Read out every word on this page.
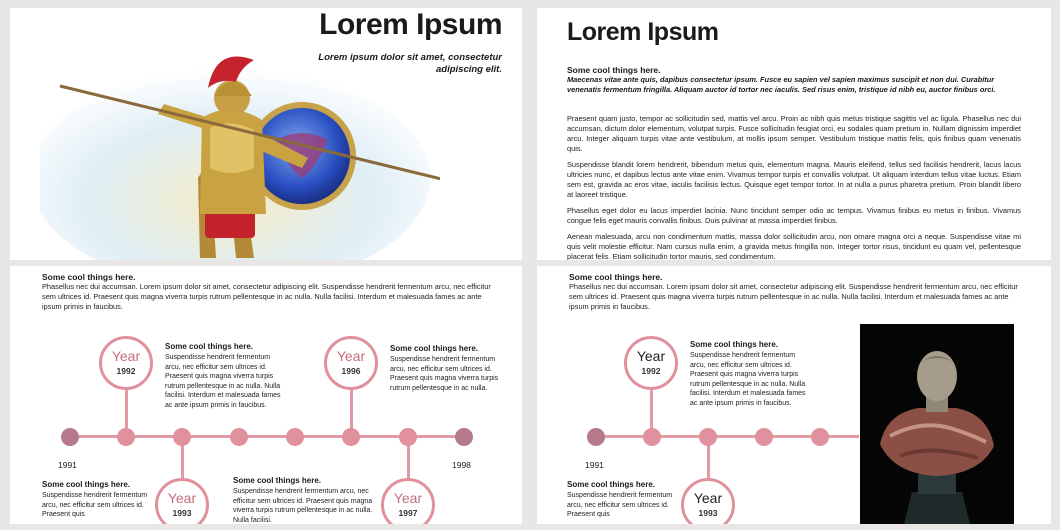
Lorem Ipsum
Lorem ipsum dolor sit amet, consectetur adipiscing elit.
Lorem Ipsum
Some cool things here.
Maecenas vitae ante quis, dapibus consectetur ipsum. Fusce eu sapien vel sapien maximus suscipit et non dui. Curabitur venenatis fermentum fringilla. Aliquam auctor id tortor nec iaculis. Sed risus enim, tristique id nibh eu, auctor finibus orci.
Praesent quam justo, tempor ac sollicitudin sed, mattis vel arcu. Proin ac nibh quis metus tristique sagittis vel ac ligula. Phasellus nec dui accumsan, dictum dolor elementum, volutpat turpis. Fusce sollicitudin feugiat orci, eu sodales quam pretium in. Nullam dignissim imperdiet arcu. Integer aliquam turpis vitae ante vestibulum, at mollis ipsum semper. Vestibulum tristique mattis felis, quis finibus quam venenatis quis.
Suspendisse blandit lorem hendrerit, bibendum metus quis, elementum magna. Mauris eleifend, tellus sed facilisis hendrerit, lacus lacus ultricies nunc, et dapibus lectus ante vitae enim. Vivamus tempor turpis et convallis volutpat. Ut aliquam interdum tellus vitae luctus. Etiam sem est, gravida ac eros vitae, iaculis facilisis lectus. Quisque eget tempor tortor. In at nulla a purus pharetra pretium. Proin blandit libero at laoreet tristique.
Phasellus eget dolor eu lacus imperdiet lacinia. Nunc tincidunt semper odio ac tempus. Vivamus finibus eu metus in finibus. Vivamus congue felis eget mauris convallis finibus. Duis pulvinar at massa imperdiet finibus.
Aenean malesuada, arcu non condimentum mattis, massa dolor sollicitudin arcu, non ornare magna orci a neque. Suspendisse vitae mi quis velit molestie efficitur. Nam cursus nulla enim, a gravida metus fringilla non. Integer tortor risus, tincidunt eu quam vel, pellentesque placerat felis. Etiam sollicitudin tortor mauris, sed condimentum.
Some cool things here.
Phasellus nec dui accumsan. Lorem ipsum dolor sit amet, consectetur adipiscing elit. Suspendisse hendrerit fermentum arcu, nec efficitur sem ultrices id. Praesent quis magna viverra turpis rutrum pellentesque in ac nulla. Nulla facilisi. Interdum et malesuada fames ac ante ipsum primis in faucibus.
1991	1998
Year
1992
Year
1996
Year
1993
Year
1997
Some cool things here.
Suspendisse hendrerit fermentum arcu, nec efficitur sem ultrices id. Praesent quis magna viverra turpis rutrum pellentesque in ac nulla. Nulla facilisi. Interdum et malesuada fames ac ante ipsum primis in faucibus.
Some cool things here.
Suspendisse hendrerit fermentum arcu, nec efficitur sem ultrices id. Praesent quis magna viverra turpis rutrum pellentesque in ac nulla.
Some cool things here.
Suspendisse hendrerit fermentum arcu, nec efficitur sem ultrices id. Praesent quis
Some cool things here.
Suspendisse hendrerit fermentum arcu, nec efficitur sem ultrices id. Praesent quis magna viverra turpis rutrum pellentesque in ac nulla. Nulla facilisi.
Some cool things here.
Phasellus nec dui accumsan. Lorem ipsum dolor sit amet, consectetur adipiscing elit. Suspendisse hendrerit fermentum arcu, nec efficitur sem ultrices id. Praesent quis magna viverra turpis rutrum pellentesque in ac nulla. Nulla facilisi. Interdum et malesuada fames ac ante ipsum primis in faucibus.
1991
Year
1992
Year
1993
Some cool things here.
Suspendisse hendrerit fermentum arcu, nec efficitur sem ultrices id. Praesent quis magna viverra turpis rutrum pellentesque in ac nulla. Nulla facilisi. Interdum et malesuada fames ac ante ipsum primis in faucibus.
Some cool things here.
Suspendisse hendrerit fermentum arcu, nec efficitur sem ultrices id. Praesent quis
